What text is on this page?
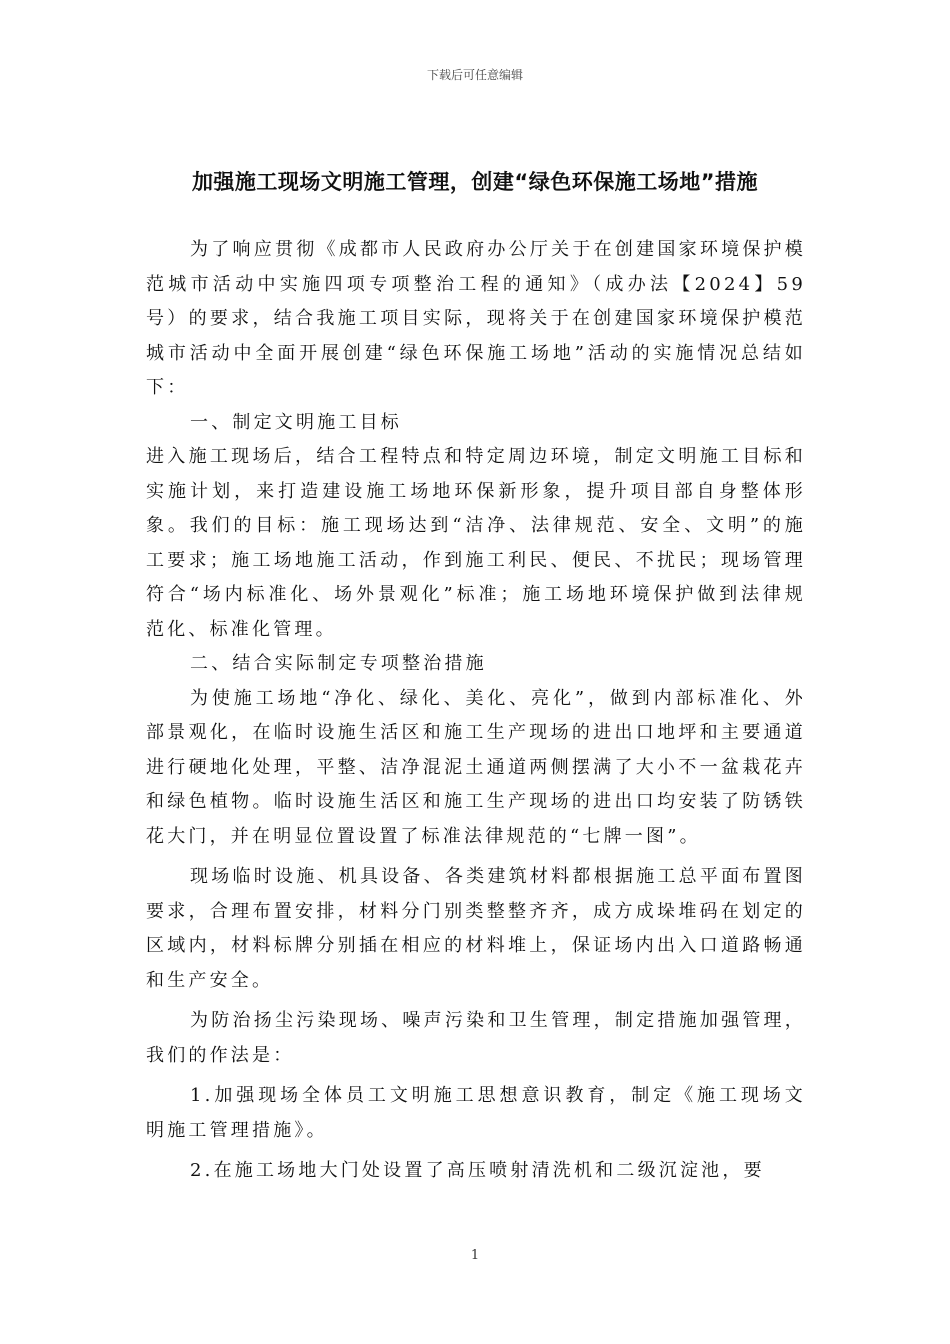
下载后可任意编辑
加强施工现场文明施工管理，创建“绿色环保施工场地”措施

为了响应贯彻《成都市人民政府办公厅关于在创建国家环境保护模范城市活动中实施四项专项整治工程的通知》（成办法【2024】59号）的要求，结合我施工项目实际，现将关于在创建国家环境保护模范城市活动中全面开展创建“绿色环保施工场地”活动的实施情况总结如下：

一、制定文明施工目标

进入施工现场后，结合工程特点和特定周边环境，制定文明施工目标和实施计划，来打造建设施工场地环保新形象，提升项目部自身整体形象。我们的目标：施工现场达到“洁净、法律规范、安全、文明”的施工要求；施工场地施工活动，作到施工利民、便民、不扰民；现场管理符合“场内标准化、场外景观化”标准；施工场地环境保护做到法律规范化、标准化管理。

二、结合实际制定专项整治措施

为使施工场地“净化、绿化、美化、亮化”，做到内部标准化、外部景观化，在临时设施生活区和施工生产现场的进出口地坪和主要通道进行硬地化处理，平整、洁净混泥土通道两侧摆满了大小不一盆栽花卉和绿色植物。临时设施生活区和施工生产现场的进出口均安装了防锈铁花大门，并在明显位置设置了标准法律规范的“七牌一图”。

现场临时设施、机具设备、各类建筑材料都根据施工总平面布置图要求，合理布置安排，材料分门别类整整齐齐，成方成垛堆码在划定的区域内，材料标牌分别插在相应的材料堆上，保证场内出入口道路畅通和生产安全。

为防治扬尘污染现场、噪声污染和卫生管理，制定措施加强管理，我们的作法是：

1.加强现场全体员工文明施工思想意识教育，制定《施工现场文明施工管理措施》。

2.在施工场地大门处设置了高压喷射清洗机和二级沉淀池，要

1
